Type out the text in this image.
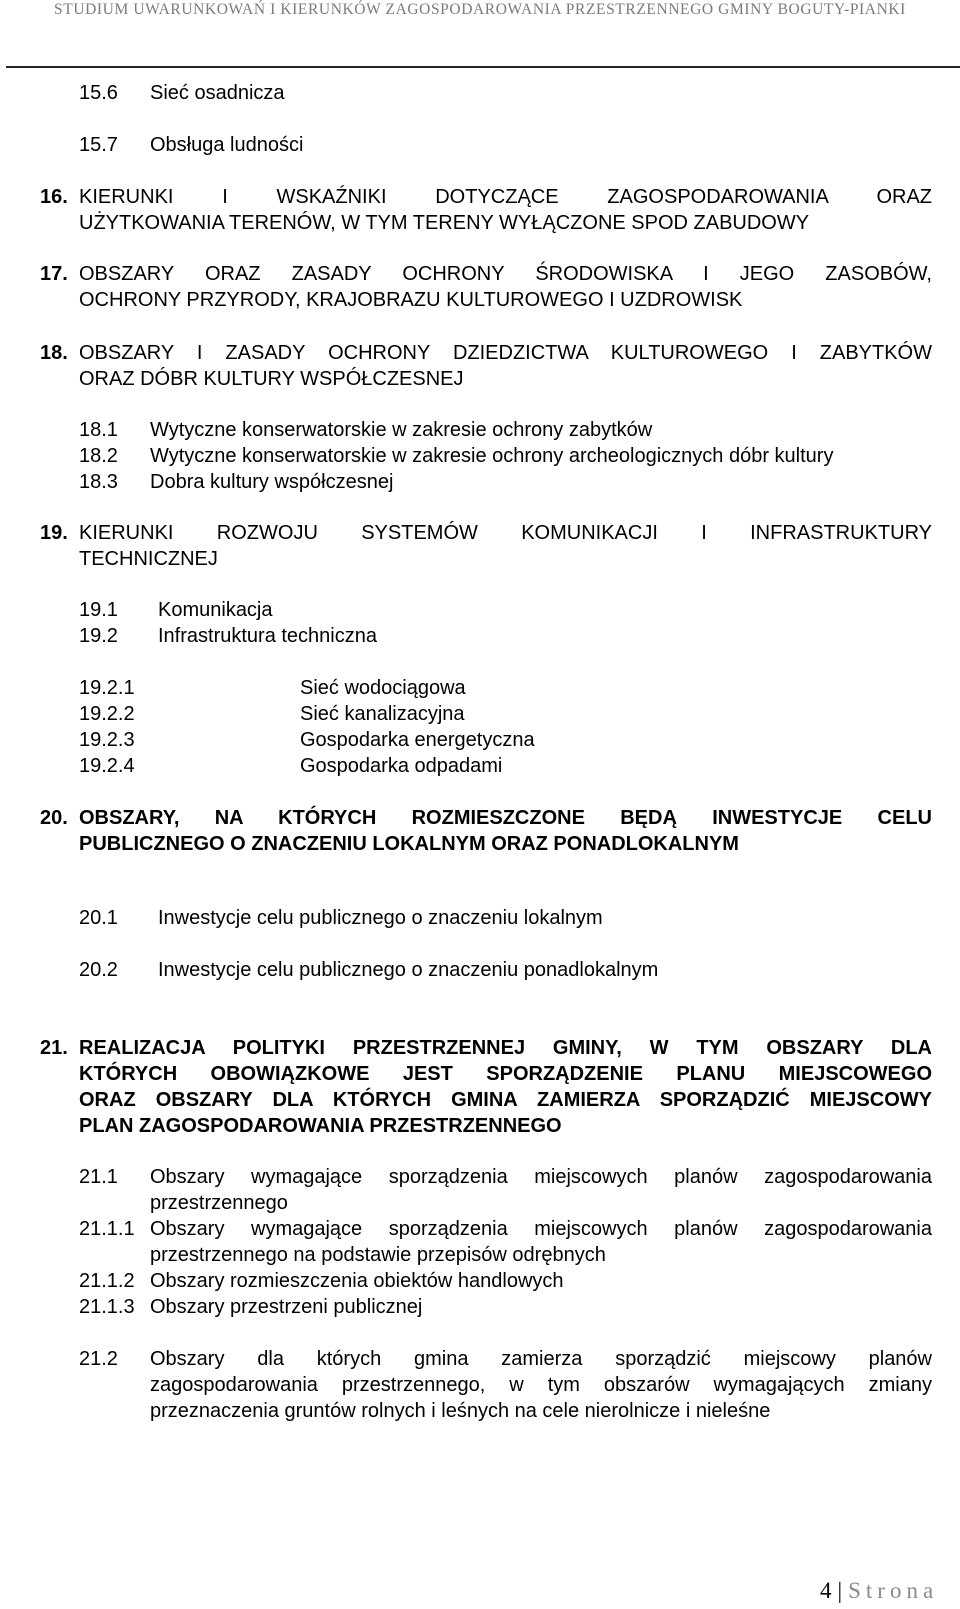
STUDIUM UWARUNKOWAŃ I KIERUNKÓW ZAGOSPODAROWANIA PRZESTRZENNEGO GMINY BOGUTY-PIANKI
15.6 Sieć osadnicza
15.7 Obsługa ludności
16. KIERUNKI I WSKAŹNIKI DOTYCZĄCE ZAGOSPODAROWANIA ORAZ
UŻYTKOWANIA TERENÓW, W TYM TERENY WYŁĄCZONE SPOD ZABUDOWY
17. OBSZARY ORAZ ZASADY OCHRONY ŚRODOWISKA I JEGO ZASOBÓW,
OCHRONY PRZYRODY, KRAJOBRAZU KULTUROWEGO I UZDROWISK
18. OBSZARY I ZASADY OCHRONY DZIEDZICTWA KULTUROWEGO I ZABYTKÓW
ORAZ DÓBR KULTURY WSPÓŁCZESNEJ
18.1 Wytyczne konserwatorskie w zakresie ochrony zabytków
18.2 Wytyczne konserwatorskie w zakresie ochrony archeologicznych dóbr kultury
18.3 Dobra kultury współczesnej
19. KIERUNKI ROZWOJU SYSTEMÓW KOMUNIKACJI I INFRASTRUKTURY
TECHNICZNEJ
19.1 Komunikacja
19.2 Infrastruktura techniczna
19.2.1	Sieć wodociągowa
19.2.2	Sieć kanalizacyjna
19.2.3	Gospodarka energetyczna
19.2.4	Gospodarka odpadami
20. OBSZARY, NA KTÓRYCH ROZMIESZCZONE BĘDĄ INWESTYCJE CELU
PUBLICZNEGO O ZNACZENIU LOKALNYM ORAZ PONADLOKALNYM
20.1 Inwestycje celu publicznego o znaczeniu lokalnym
20.2 Inwestycje celu publicznego o znaczeniu ponadlokalnym
21. REALIZACJA POLITYKI PRZESTRZENNEJ GMINY, W TYM OBSZARY DLA
KTÓRYCH OBOWIĄZKOWE JEST SPORZĄDZENIE PLANU MIEJSCOWEGO
ORAZ OBSZARY DLA KTÓRYCH GMINA ZAMIERZA SPORZĄDZIĆ MIEJSCOWY
PLAN ZAGOSPODAROWANIA PRZESTRZENNEGO
21.1 Obszary wymagające sporządzenia miejscowych planów zagospodarowania
przestrzennego
21.1.1 Obszary wymagające sporządzenia miejscowych planów zagospodarowania
przestrzennego na podstawie przepisów odrębnych
21.1.2 Obszary rozmieszczenia obiektów handlowych
21.1.3 Obszary przestrzeni publicznej
21.2 Obszary dla których gmina zamierza sporządzić miejscowy planów
zagospodarowania przestrzennego, w tym obszarów wymagających zmiany
przeznaczenia gruntów rolnych i leśnych na cele nierolnicze i nieleśne
4 | Strona
